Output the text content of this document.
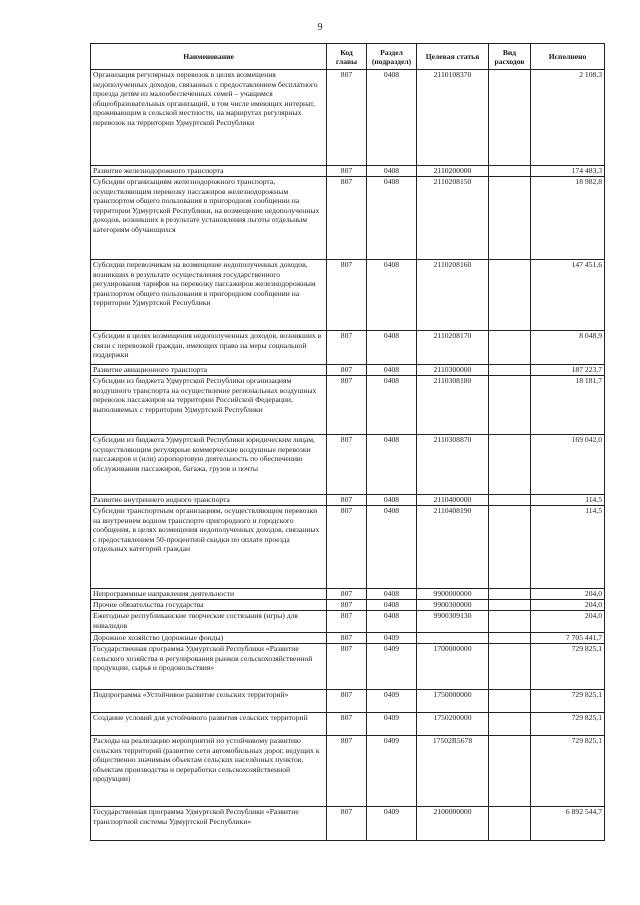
9
Наименование	Код главы	Раздел (подраздел)	Целевая статья	Вид расходов	Исполнено
Организация регулярных перевозок в целях возмещения недополученных доходов, связанных с предоставлением бесплатного проезда детям из малообеспеченных семей – учащимся общеобразовательных организаций, в том числе имеющих интернат, проживающим в сельской местности, на маршрутах регулярных перевозок на территории Удмуртской Республики	807	0408	2110108370		2 108,3
Развитие железнодорожного транспорта	807	0408	2110200000		174 483,3
Субсидии организациям железнодорожного транспорта, осуществляющим перевозку пассажиров железнодорожным транспортом общего пользования в пригородном сообщении на территории Удмуртской Республики, на возмещение недополученных доходов, возникших в результате установления льготы отдельным категориям обучающихся	807	0408	2110208150		18 982,8
Субсидии перевозчикам на возмещение недополученных доходов, возникших в результате осуществления государственного регулирования тарифов на перевозку пассажиров железнодорожным транспортом общего пользования в пригородном сообщении на территории Удмуртской Республики	807	0408	2110208160		147 451,6
Субсидии в целях возмещения недополученных доходов, возникших в связи с перевозкой граждан, имеющих право на меры социальной поддержки	807	0408	2110208170		8 048,9
Развитие авиационного транспорта	807	0408	2110300000		187 223,7
Субсидии из бюджета Удмуртской Республики организациям воздушного транспорта на осуществление региональных воздушных перевозок пассажиров на территории Российской Федерации, выполняемых с территории Удмуртской Республики	807	0408	2110308180		18 181,7
Субсидии из бюджета Удмуртской Республики юридическим лицам, осуществляющим регулярные коммерческие воздушные перевозки пассажиров и (или) аэропортовую деятельность по обеспечению обслуживания пассажиров, багажа, грузов и почты	807	0408	2110308870		169 042,0
Развитие внутреннего водного транспорта	807	0408	2110400000		114,5
Субсидии транспортным организациям, осуществляющим перевозки на внутреннем водном транспорте пригородного и городского сообщения, в целях возмещения недополученных доходов, связанных с предоставлением 50-процентной скидки по оплате проезда отдельных категорий граждан	807	0408	2110408190		114,5
Непрограммные направления деятельности	807	0408	9900000000		204,0
Прочие обязательства государства	807	0408	9900300000		204,0
Ежегодные республиканские творческие состязания (игры) для инвалидов	807	0408	9900309130		204,0
Дорожное хозяйство (дорожные фонды)	807	0409			7 705 441,7
Государственная программа Удмуртской Республики «Развитие сельского хозяйства и регулирования рынков сельскохозяйственной продукции, сырья и продовольствия»	807	0409	1700000000		729 825,1
Подпрограмма «Устойчивое развитие сельских территорий»	807	0409	1750000000		729 825,1
Создание условий для устойчивого развития сельских территорий	807	0409	1750200000		729 825,1
Расходы на реализацию мероприятий по устойчивому развитию сельских территорий (развитие сети автомобильных дорог, ведущих к общественно значимым объектам сельских населённых пунктов, объектам производства и переработки сельскохозяйственной продукции)	807	0409	17502R5678		729 825,1
Государственная программа Удмуртской Республики «Развитие транспортной системы Удмуртской Республики»	807	0409	2100000000		6 892 544,7
